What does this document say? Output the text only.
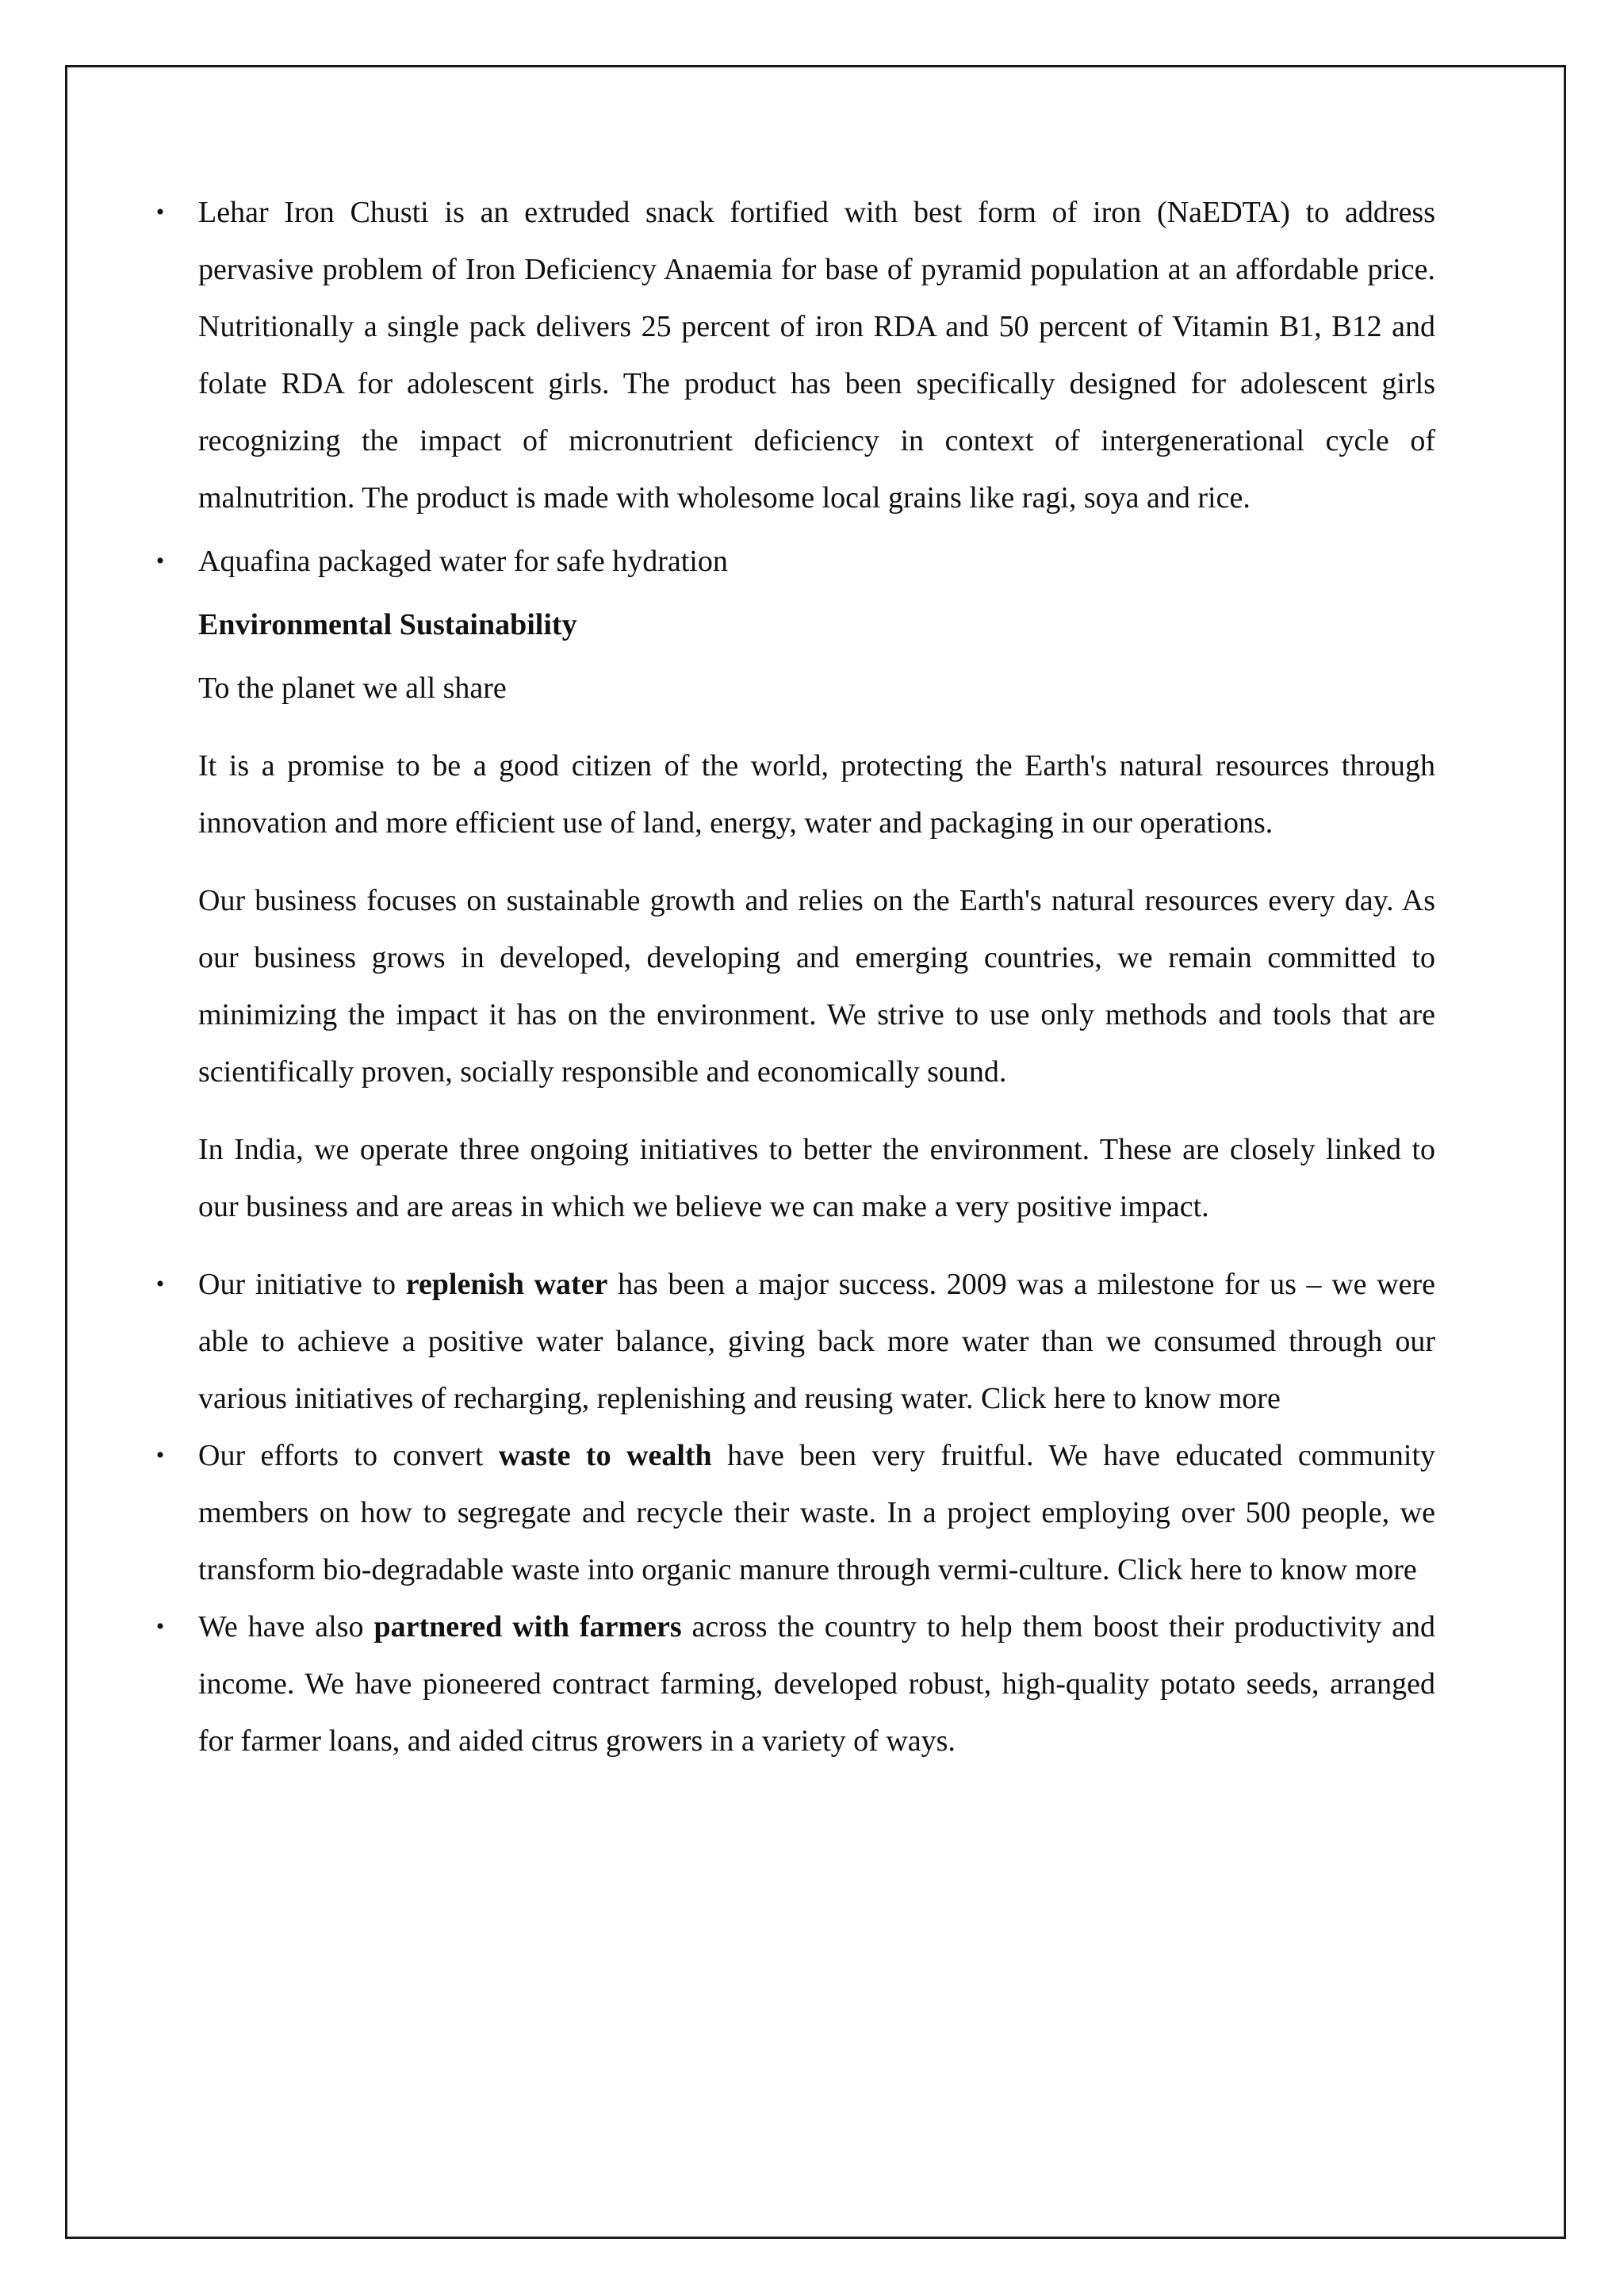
• Lehar Iron Chusti is an extruded snack fortified with best form of iron (NaEDTA) to address pervasive problem of Iron Deficiency Anaemia for base of pyramid population at an affordable price. Nutritionally a single pack delivers 25 percent of iron RDA and 50 percent of Vitamin B1, B12 and folate RDA for adolescent girls. The product has been specifically designed for adolescent girls recognizing the impact of micronutrient deficiency in context of intergenerational cycle of malnutrition. The product is made with wholesome local grains like ragi, soya and rice.
• Aquafina packaged water for safe hydration
Environmental Sustainability
To the planet we all share
It is a promise to be a good citizen of the world, protecting the Earth's natural resources through innovation and more efficient use of land, energy, water and packaging in our operations.
Our business focuses on sustainable growth and relies on the Earth's natural resources every day. As our business grows in developed, developing and emerging countries, we remain committed to minimizing the impact it has on the environment. We strive to use only methods and tools that are scientifically proven, socially responsible and economically sound.
In India, we operate three ongoing initiatives to better the environment. These are closely linked to our business and are areas in which we believe we can make a very positive impact.
• Our initiative to replenish water has been a major success. 2009 was a milestone for us – we were able to achieve a positive water balance, giving back more water than we consumed through our various initiatives of recharging, replenishing and reusing water. Click here to know more
• Our efforts to convert waste to wealth have been very fruitful. We have educated community members on how to segregate and recycle their waste. In a project employing over 500 people, we transform bio-degradable waste into organic manure through vermi-culture. Click here to know more
• We have also partnered with farmers across the country to help them boost their productivity and income. We have pioneered contract farming, developed robust, high-quality potato seeds, arranged for farmer loans, and aided citrus growers in a variety of ways.
